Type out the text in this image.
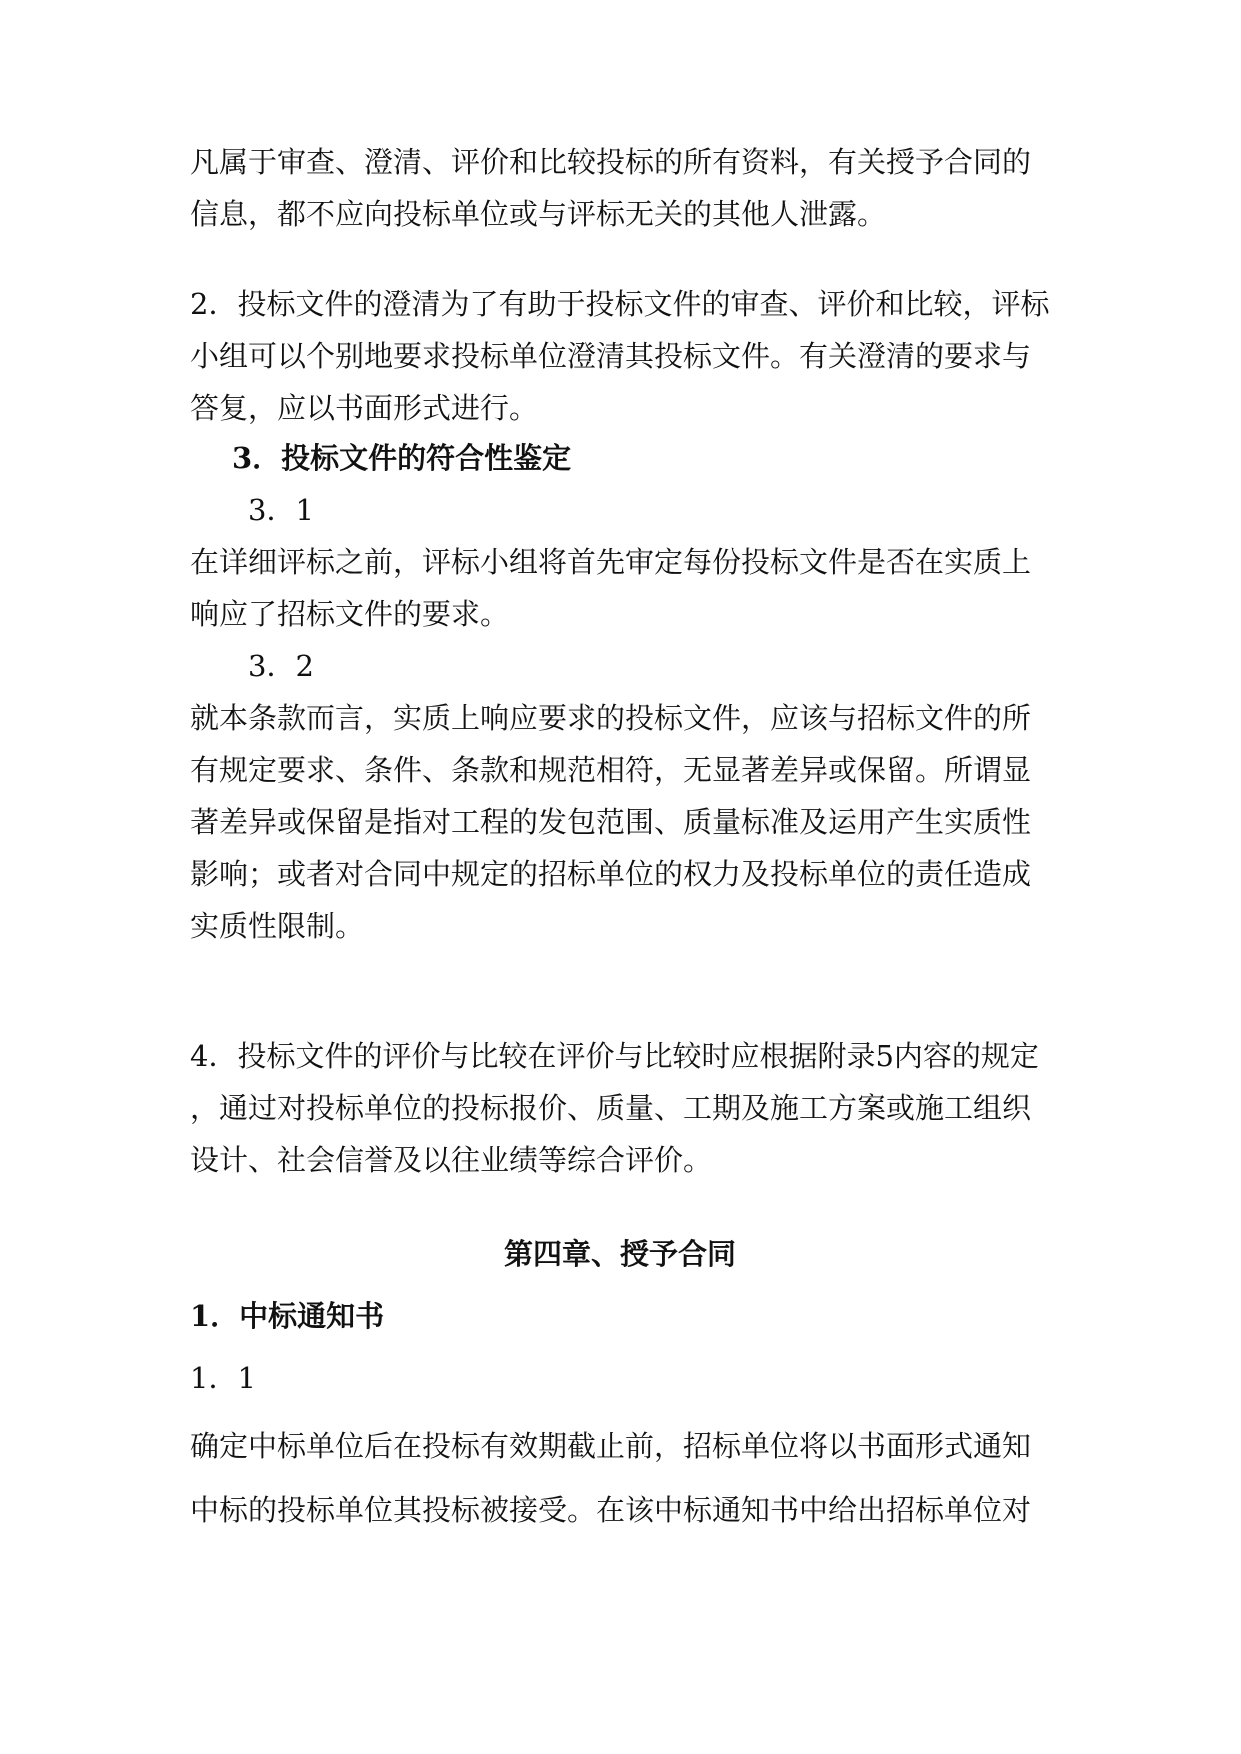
凡属于审查、澄清、评价和比较投标的所有资料，有关授予合同的
信息，都不应向投标单位或与评标无关的其他人泄露。
2．投标文件的澄清为了有助于投标文件的审查、评价和比较，评标
小组可以个别地要求投标单位澄清其投标文件。有关澄清的要求与
答复，应以书面形式进行。
3．投标文件的符合性鉴定
3．1
在详细评标之前，评标小组将首先审定每份投标文件是否在实质上
响应了招标文件的要求。
3．2
就本条款而言，实质上响应要求的投标文件，应该与招标文件的所
有规定要求、条件、条款和规范相符，无显著差异或保留。所谓显
著差异或保留是指对工程的发包范围、质量标准及运用产生实质性
影响；或者对合同中规定的招标单位的权力及投标单位的责任造成
实质性限制。
4．投标文件的评价与比较在评价与比较时应根据附录5内容的规定
，通过对投标单位的投标报价、质量、工期及施工方案或施工组织
设计、社会信誉及以往业绩等综合评价。
第四章、授予合同
1．中标通知书
1．1
确定中标单位后在投标有效期截止前，招标单位将以书面形式通知
中标的投标单位其投标被接受。在该中标通知书中给出招标单位对
